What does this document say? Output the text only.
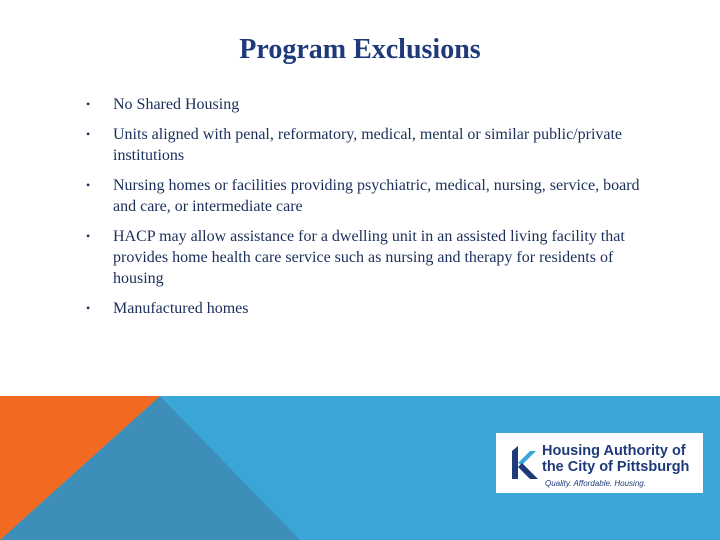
Program Exclusions
• No Shared Housing
• Units aligned with penal, reformatory, medical, mental or similar public/private institutions
• Nursing homes or facilities providing psychiatric, medical, nursing, service, board and care, or intermediate care
• HACP may allow assistance for a dwelling unit in an assisted living facility that provides home health care service such as nursing and therapy for residents of housing
• Manufactured homes
Housing Authority of
the City of Pittsburgh
Quality. Affordable. Housing.
